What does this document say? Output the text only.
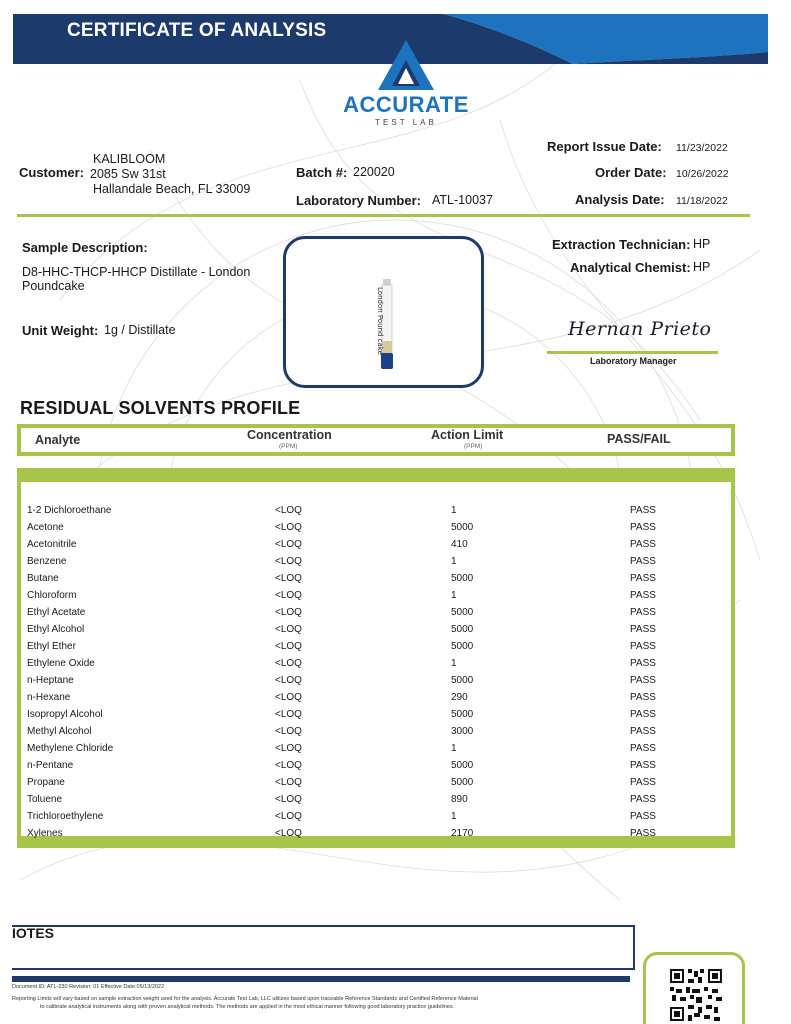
CERTIFICATE OF ANALYSIS
ACCURATE
TEST LAB
Customer:
KALIBLOOM
2085 Sw 31st
Hallandale Beach, FL 33009
Batch #: 220020
Laboratory Number: ATL-10037
Report Issue Date: 11/23/2022
Order Date: 10/26/2022
Analysis Date: 11/18/2022
Sample Description:
D8-HHC-THCP-HHCP Distillate - London
Poundcake
Unit Weight: 1g / Distillate	London Pound cake
Extraction Technician: HP
Analytical Chemist: HP
Hernan Prieto
Laboratory Manager
RESIDUAL SOLVENTS PROFILE
Analyte	Concentration
(PPM)
Action Limit
(PPM)
PASS/FAIL
1-2 Dichloroethane	<LOQ	1	PASS
Acetone	<LOQ	5000	PASS
Acetonitrile	<LOQ	410	PASS
Benzene	<LOQ	1	PASS
Butane	<LOQ	5000	PASS
Chloroform	<LOQ	1	PASS
Ethyl Acetate	<LOQ	5000	PASS
Ethyl Alcohol	<LOQ	5000	PASS
Ethyl Ether	<LOQ	5000	PASS
Ethylene Oxide	<LOQ	1	PASS
n-Heptane	<LOQ	5000	PASS
n-Hexane	<LOQ	290	PASS
Isopropyl Alcohol	<LOQ	5000	PASS
Methyl Alcohol	<LOQ	3000	PASS
Methylene Chloride	<LOQ	1	PASS
n-Pentane	<LOQ	5000	PASS
Propane	<LOQ	5000	PASS
Toluene	<LOQ	890	PASS
Trichloroethylene	<LOQ	1	PASS
Xylenes	<LOQ	2170	PASS
IOTES
Document ID: ATL-230 Revision: 01 Effective Date:05/13/2022
Reporting Limits will vary based on sample extraction weight used for the analysis. Accurate Test Lab, LLC utilizes based upon traceable Reference Standards and Certified Reference Material
to calibrate analytical instruments along with proven analytical methods. The methods are applied in the most ethical manner following good laboratory practice guidelines.
